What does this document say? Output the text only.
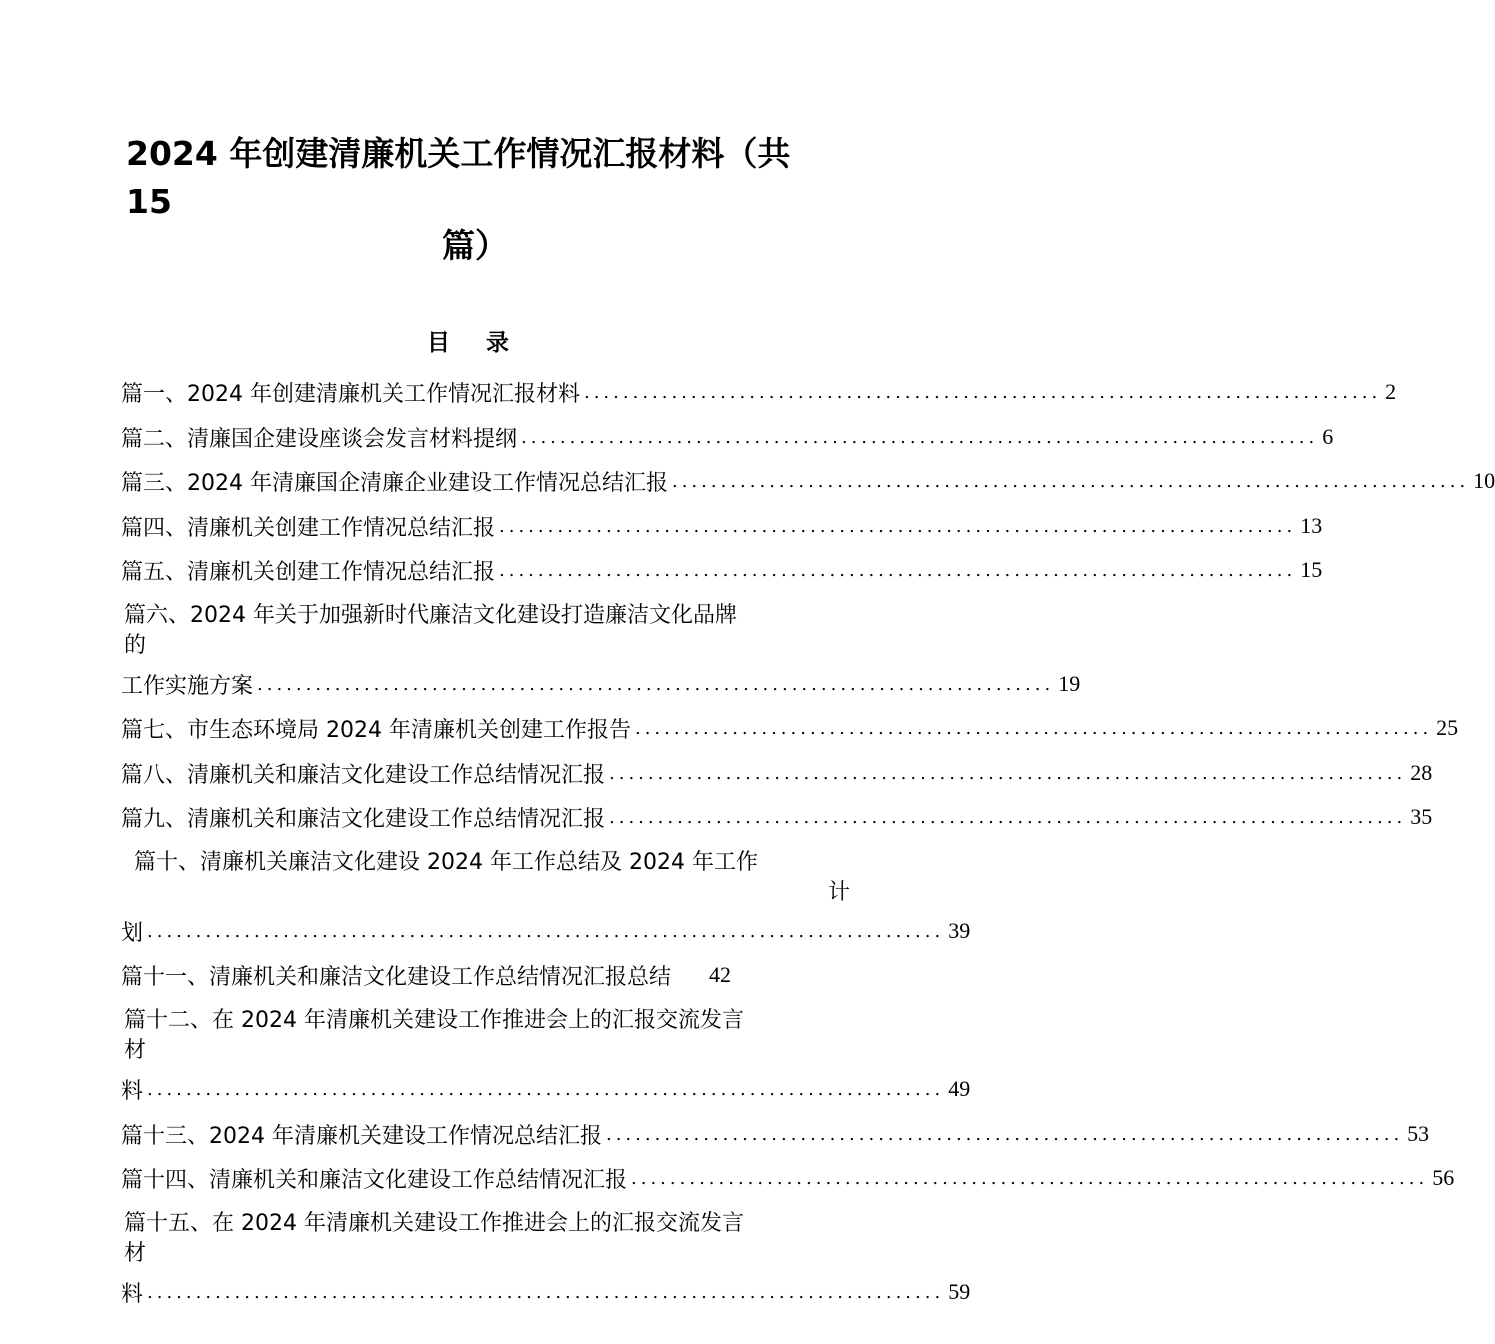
2024 年创建清廉机关工作情况汇报材料（共 15
篇）
目 录
篇一、2024 年创建清廉机关工作情况汇报材料 .................................................................................. 2
篇二、清廉国企建设座谈会发言材料提纲 .................................................................................. 6
篇三、2024 年清廉国企清廉企业建设工作情况总结汇报 .................................................................................. 10
篇四、清廉机关创建工作情况总结汇报 .................................................................................. 13
篇五、清廉机关创建工作情况总结汇报 .................................................................................. 15
篇六、2024 年关于加强新时代廉洁文化建设打造廉洁文化品牌
的
工作实施方案 .................................................................................. 19
篇七、市生态环境局 2024 年清廉机关创建工作报告 .................................................................................. 25
篇八、清廉机关和廉洁文化建设工作总结情况汇报 .................................................................................. 28
篇九、清廉机关和廉洁文化建设工作总结情况汇报 .................................................................................. 35
篇十、清廉机关廉洁文化建设 2024 年工作总结及 2024 年工作
计
划 .................................................................................. 39
篇十一、清廉机关和廉洁文化建设工作总结情况汇报总结 42
篇十二、在 2024 年清廉机关建设工作推进会上的汇报交流发言
材
料 .................................................................................. 49
篇十三、2024 年清廉机关建设工作情况总结汇报 .................................................................................. 53
篇十四、清廉机关和廉洁文化建设工作总结情况汇报 .................................................................................. 56
篇十五、在 2024 年清廉机关建设工作推进会上的汇报交流发言
材
料 .................................................................................. 59
